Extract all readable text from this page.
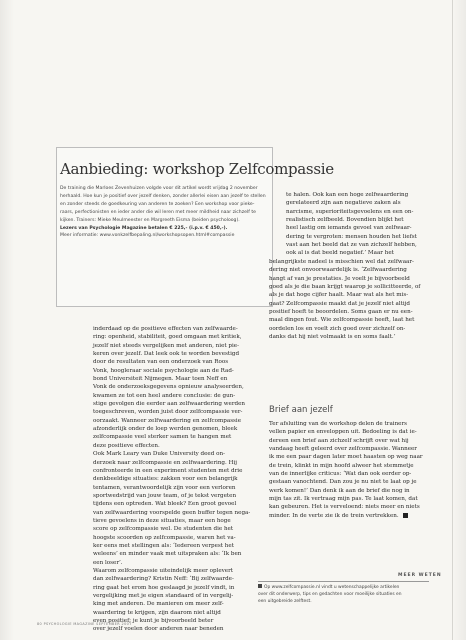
Aanbieding: workshop Zelfcompassie

De training die Marloes Zevenhuizen volgde voor dit artikel wordt vrijdag 2 november

herhaald. Hoe kun je positief over jezelf denken, zonder allerlei eisen aan jezelf te stellen

en zonder steeds de goedkeuring van anderen te zoeken? Een workshop voor pieke-

raars, perfectionisten en ieder ander die wil leren met meer mildheid naar zichzelf te

kijken. Trainers: Mieke Meulmeester en Margreeth Eisma (beiden psycholoog).

Lezers van Psychologie Magazine betalen € 225,- (i.p.v. € 450,-).

Meer informatie: www.vonkzelfbepaling.nl/workshopsopen.html#compassie

te halen. Ook kan een hoge zelfwaardering

gerelateerd zijn aan negatieve zaken als

narcisme, superioriteitsgevoelens en een on-

realistisch zelfbeeld. Bovendien blijkt het

heel lastig om iemands gevoel van zelfwaar-

dering te vergroten: mensen houden het liefst

vast aan het beeld dat ze van zichzelf hebben,

ook al is dat beeld negatief.’ Maar het

belangrijkste nadeel is misschien wel dat zelfwaar-

dering niet onvoorwaardelijk is. ‘Zelfwaardering

hangt af van je prestaties. Je voelt je bijvoorbeeld

goed als je die baan krijgt waarop je sollicitteerde, of

als je dat hoge cijfer haalt. Maar wat als het mis-

gaat? Zelfcompassie maakt dat je jezelf niet altijd

positief hoeft te beoordelen. Soms gaan er nu een-

maal dingen fout. Wie zelfcompassie heeft, laat het

oordelen los en voelt zich goed over zichzelf on-

danks dat hij niet volmaakt is en soms faalt.’

Brief aan jezelf

Ter afsluiting van de workshop delen de trainers

vellen papier en enveloppen uit. Bedoeling is dat ie-

dereen een brief aan zichzelf schrijft over wat hij

vandaag heeft geleerd over zelfcompassie. Wanneer

ik me een paar dagen later moet haasten op weg naar

de trein, klinkt in mijn hoofd alweer het stemmetje

van de innerlijke criticus: ‘Wat dan ook eerder op-

gestaan vanochtend. Dan zou je nu niet te laat op je

werk komen!’ Dan denk ik aan de brief die nog in

mijn tas zit. Ik vertraag mijn pas. Te laat komen, dat

kan gebeuren. Het is verveloend: niets meer en niets

minder. In de verte zie ik de trein vertrekken.

inderdaad op de positieve effecten van zelfwaarde-

ring: openheid, stabiliteit, goed omgaan met kritiek,

jezelf niet steeds vergelijken met anderen, niet pie-

keren over jezelf. Dat leek ook te worden bevestigd

door de resultaten van een onderzoek van Roos

Vonk, hoogleraar sociale psychologie aan de Rad-

bond Universiteit Nijmegen. Maar toen Neff en

Vonk de onderzoeksgegevens opnieuw analyseerden,

kwamen ze tot een heel andere conclusie: de gun-

stige gevolgen die eerder aan zelfwaardering werden

toegeschreven, worden juist door zelfcompassie ver-

oorzaakt. Wanneer zelfwaardering en zelfcompassie

afzonderlijk onder de loep werden genomen, bleek

zelfcompassie veel sterker samen te hangen met

deze positieve effecten.

Ook Mark Leary van Duke University deed on-

derzoek naar zelfcompassie en zelfwaardering. Hij

confronteerde in een experiment studenten met drie

denkbeeldige situaties: zakken voor een belangrijk

tentamen, verantwoordelijk zijn voor een verloren

sportwedstrijd van jouw team, of je tekst vergeten

tijdens een optreden. Wat bleek? Een groot gevoel

van zelfwaardering voorspelde geen buffer tegen nega-

tieve gevoelens in deze situaties, maar een hoge

score op zelfcompassie wel. De studenten die het

hoogste scoorden op zelfcompassie, waren het va-

ker eens met stellingen als: ‘Iedereen verpest het

weleens’ en minder vaak met uitspraken als: ‘Ik ben

een loser’.

Waarom zelfcompassie uiteindelijk meer oplevert

dan zelfwaardering? Kristin Neff: ‘Bij zelfwaarde-

ring gaat het erom hoe geslaagd je jezelf vindt, in

vergelijking met je eigen standaard of in vergelij-

king met anderen. De manieren om meer zelf-

waardering te krijgen, zijn daarom niet altijd

even positief; je kunt je bijvoorbeeld beter

over jezelf voelen door anderen naar beneden

MEER WETEN
Op www.zelfcompassie.nl vindt u wetenschappelijke artikelen
over dit onderwerp, tips en gedachten voor moeilijke situaties en
een uitgebreide zelftest.
80 PSYCHOLOGIE MAGAZINE SEPTEMBER 2007
